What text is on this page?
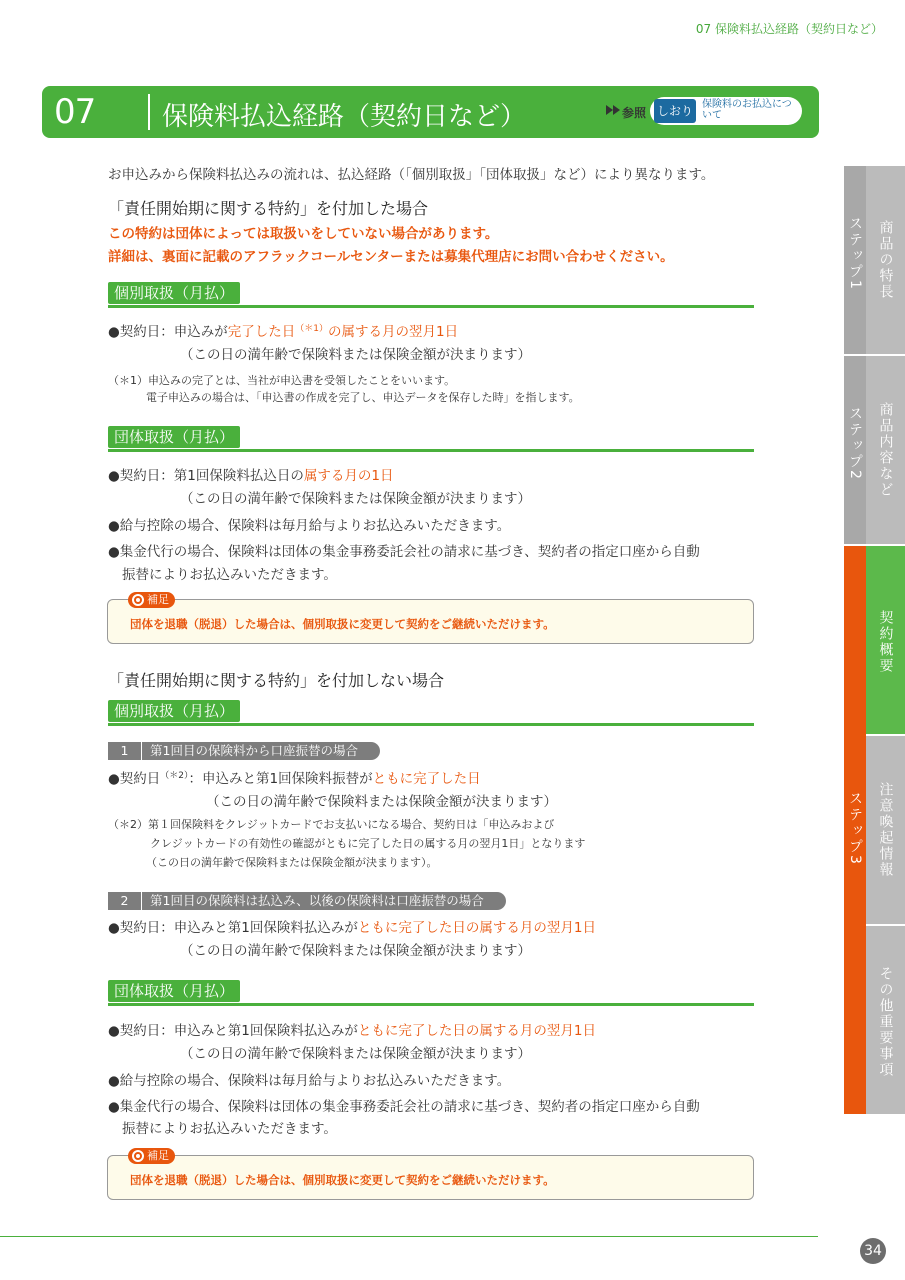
07 保険料払込経路（契約日など）
07	保険料払込経路（契約日など）	参照 しおり 保険料のお払込について
お申込みから保険料払込みの流れは、払込経路（「個別取扱」「団体取扱」など）により異なります。
「責任開始期に関する特約」を付加した場合
この特約は団体によっては取扱いをしていない場合があります。
詳細は、裏面に記載のアフラックコールセンターまたは募集代理店にお問い合わせください。
個別取扱（月払）
●契約日：申込みが完了した日$^{(*1)}$の属する月の翌月1日
（この日の満年齢で保険料または保険金額が決まります）
（＊1）申込みの完了とは、当社が申込書を受領したことをいいます。
電子申込みの場合は、「申込書の作成を完了し、申込データを保存した時」を指します。
団体取扱（月払）
●契約日：第1回保険料払込日の属する月の1日
（この日の満年齢で保険料または保険金額が決まります）
●給与控除の場合、保険料は毎月給与よりお払込みいただきます。
●集金代行の場合、保険料は団体の集金事務委託会社の請求に基づき、契約者の指定口座から自動
振替によりお払込みいただきます。
補足
団体を退職（脱退）した場合は、個別取扱に変更して契約をご継続いただけます。
「責任開始期に関する特約」を付加しない場合
個別取扱（月払）
1	第1回目の保険料から口座振替の場合
●契約日$^{(*2)}$：申込みと第1回保険料振替がともに完了した日
（この日の満年齢で保険料または保険金額が決まります）
（＊2）第１回保険料をクレジットカードでお支払いになる場合、契約日は「申込みおよび
クレジットカードの有効性の確認がともに完了した日の属する月の翌月1日」となります
（この日の満年齢で保険料または保険金額が決まります）。
2	第1回目の保険料は払込み、以後の保険料は口座振替の場合
●契約日：申込みと第1回保険料払込みがともに完了した日の属する月の翌月1日
（この日の満年齢で保険料または保険金額が決まります）
団体取扱（月払）
●契約日：申込みと第1回保険料払込みがともに完了した日の属する月の翌月1日
（この日の満年齢で保険料または保険金額が決まります）
●給与控除の場合、保険料は毎月給与よりお払込みいただきます。
●集金代行の場合、保険料は団体の集金事務委託会社の請求に基づき、契約者の指定口座から自動
振替によりお払込みいただきます。
補足
団体を退職（脱退）した場合は、個別取扱に変更して契約をご継続いただけます。
ステップ1 商品の特長
ステップ2 商品内容など
ステップ3
契約概要
注意喚起情報
その他重要事項
34
